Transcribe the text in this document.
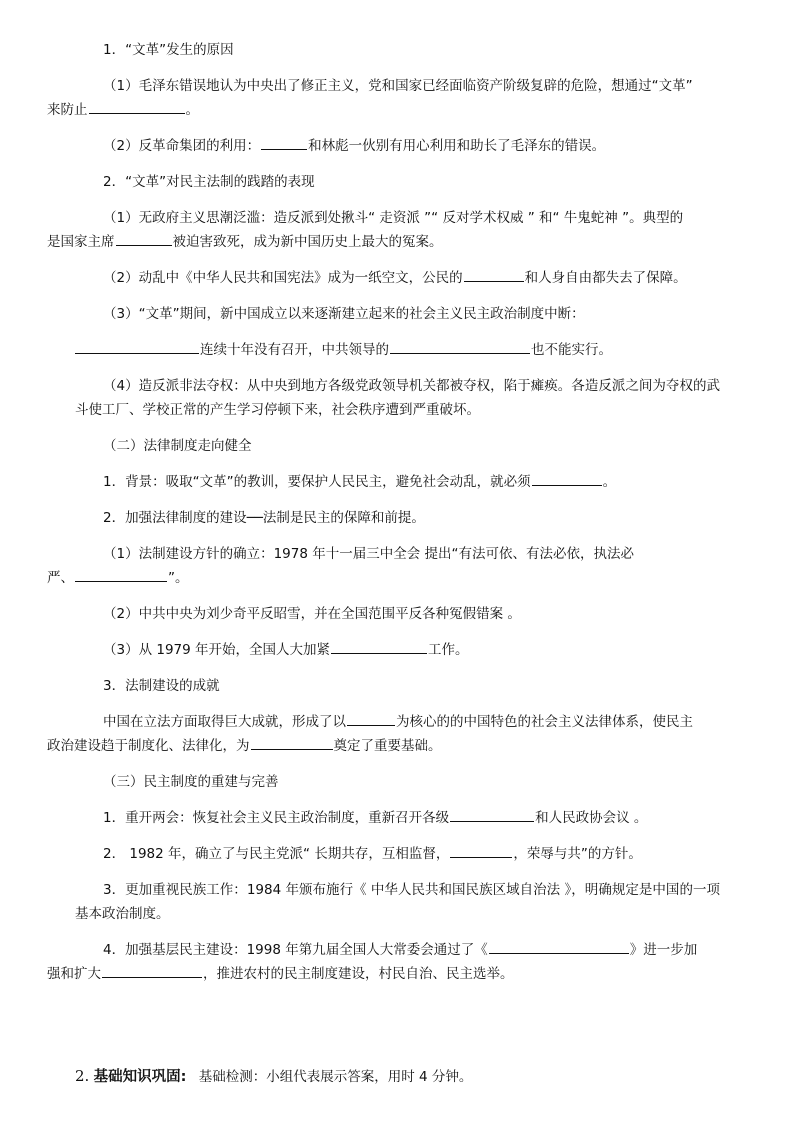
1．“文革”发生的原因

（1）毛泽东错误地认为中央出了修正主义，党和国家已经面临资产阶级复辟的危险，想通过“文革”
来防止	。

（2）反革命集团的利用：	和林彪一伙别有用心利用和助长了毛泽东的错误。

2．“文革”对民主法制的践踏的表现

（1）无政府主义思潮泛滥：造反派到处揪斗“ 走资派 ”“ 反对学术权威 ” 和“ 牛鬼蛇神 ”。典型的
是国家主席	被迫害致死，成为新中国历史上最大的冤案。

（2）动乱中《中华人民共和国宪法》成为一纸空文，公民的	和人身自由都失去了保障。

（3）“文革”期间，新中国成立以来逐渐建立起来的社会主义民主政治制度中断：

连续十年没有召开，中共领导的	也不能实行。

（4）造反派非法夺权：从中央到地方各级党政领导机关都被夺权，陷于瘫痪。各造反派之间为夺权的武斗使工厂、学校正常的产生学习停顿下来，社会秩序遭到严重破坏。

（二）法律制度走向健全

1．背景：吸取“文革”的教训，要保护人民民主，避免社会动乱，就必须	。

2．加强法律制度的建设──法制是民主的保障和前提。

（1）法制建设方针的确立：1978 年十一届三中全会 提出“有法可依、有法必依，执法必
严、	”。

（2）中共中央为刘少奇平反昭雪，并在全国范围平反各种冤假错案 。

（3）从 1979 年开始，全国人大加紧	工作。

3．法制建设的成就

中国在立法方面取得巨大成就，形成了以	为核心的的中国特色的社会主义法律体系，使民主
政治建设趋于制度化、法律化，为	奠定了重要基础。

（三）民主制度的重建与完善

1．重开两会：恢复社会主义民主政治制度，重新召开各级	和人民政协会议 。

2． 1982 年，确立了与民主党派“ 长期共存，互相监督，	，荣辱与共”的方针。

3．更加重视民族工作：1984 年颁布施行《 中华人民共和国民族区域自治法 》，明确规定是中国的一项基本政治制度。

4．加强基层民主建设：1998 年第九届全国人大常委会通过了《	》进一步加
强和扩大	，推进农村的民主制度建设，村民自治、民主选举。

2. 基础知识巩固: 基础检测：小组代表展示答案，用时 4 分钟。
